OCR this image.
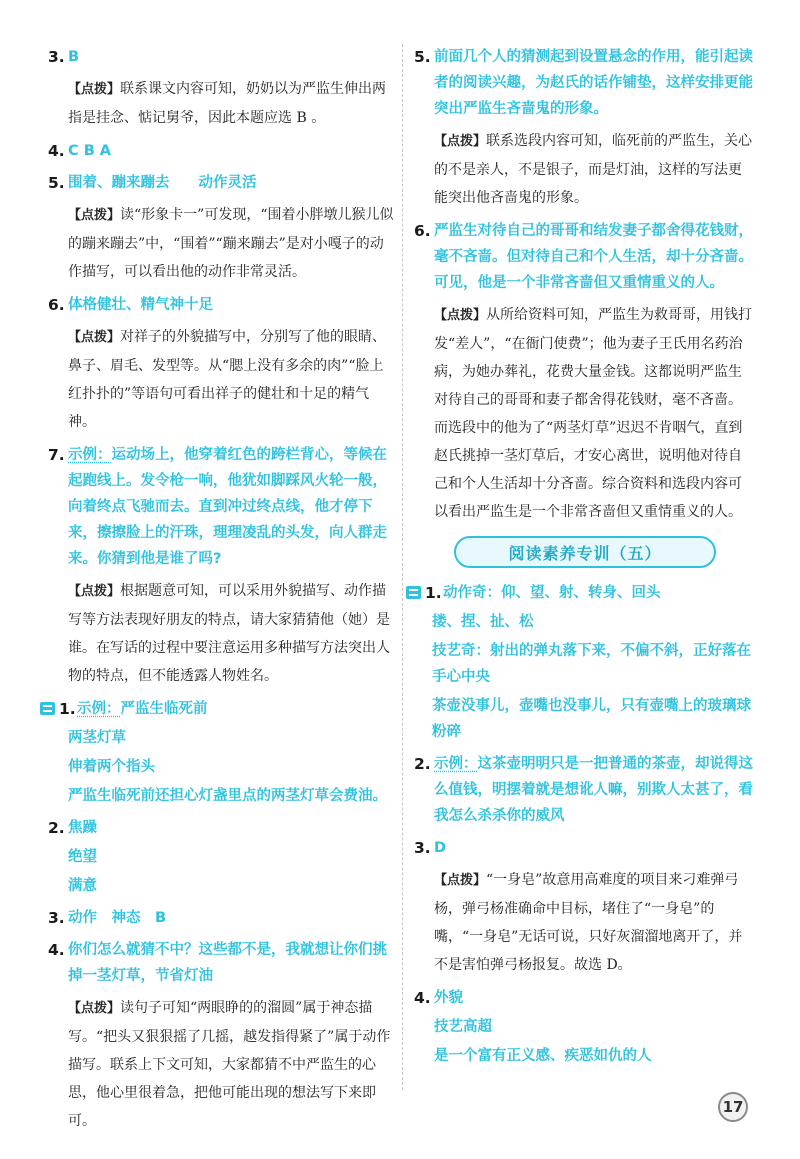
3. B
【点拨】联系课文内容可知，奶奶以为严监生伸出两指是挂念、惦记舅爷，因此本题应选 B 。
4. C B A
5. 围着、蹦来蹦去　　动作灵活
【点拨】读“形象卡一”可发现，“围着小胖墩儿猴儿似的蹦来蹦去”中，“围着”“蹦来蹦去”是对小嘎子的动作描写，可以看出他的动作非常灵活。
6. 体格健壮、精气神十足
【点拨】对祥子的外貌描写中，分别写了他的眼睛、鼻子、眉毛、发型等。从“腮上没有多余的肉”“脸上红扑扑的”等语句可看出祥子的健壮和十足的精气神。
7. 示例：运动场上，他穿着红色的跨栏背心，等候在起跑线上。发令枪一响，他犹如脚踩风火轮一般，向着终点飞驰而去。直到冲过终点线，他才停下来，擦擦脸上的汗珠，理理凌乱的头发，向人群走来。你猜到他是谁了吗?
【点拨】根据题意可知，可以采用外貌描写、动作描写等方法表现好朋友的特点，请大家猜猜他（她）是谁。在写话的过程中要注意运用多种描写方法突出人物的特点，但不能透露人物姓名。
1. 示例：严监生临死前
两茎灯草
伸着两个指头
严监生临死前还担心灯盏里点的两茎灯草会费油。
2. 焦躁
绝望
满意
3. 动作　神态　B
4. 你们怎么就猜不中？这些都不是，我就想让你们挑掉一茎灯草，节省灯油
【点拨】读句子可知“两眼睁的的溜圆”属于神态描写。“把头又狠狠摇了几摇，越发指得紧了”属于动作描写。联系上下文可知，大家都猜不中严监生的心思，他心里很着急，把他可能出现的想法写下来即可。
5. 前面几个人的猜测起到设置悬念的作用，能引起读者的阅读兴趣，为赵氏的话作铺垫，这样安排更能突出严监生吝啬鬼的形象。
【点拨】联系选段内容可知，临死前的严监生，关心的不是亲人，不是银子，而是灯油，这样的写法更能突出他吝啬鬼的形象。
6. 严监生对待自己的哥哥和结发妻子都舍得花钱财，毫不吝啬。但对待自己和个人生活，却十分吝啬。可见，他是一个非常吝啬但又重情重义的人。
【点拨】从所给资料可知，严监生为救哥哥，用钱打发“差人”，“在衙门使费”；他为妻子王氏用名药治病，为她办葬礼，花费大量金钱。这都说明严监生对待自己的哥哥和妻子都舍得花钱财，毫不吝啬。而选段中的他为了“两茎灯草”迟迟不肯咽气，直到赵氏挑掉一茎灯草后，才安心离世，说明他对待自己和个人生活却十分吝啬。综合资料和选段内容可以看出严监生是一个非常吝啬但又重情重义的人。
阅读素养专训（五）
1. 动作奇：仰、望、射、转身、回头
搂、捏、扯、松
技艺奇：射出的弹丸落下来，不偏不斜，正好落在手心中央
茶壶没事儿，壶嘴也没事儿，只有壶嘴上的玻璃球粉碎
2. 示例：这茶壶明明只是一把普通的茶壶，却说得这么值钱，明摆着就是想讹人嘛，别欺人太甚了，看我怎么杀杀你的威风
3. D
【点拨】“一身皂”故意用高难度的项目来刁难弹弓杨，弹弓杨准确命中目标，堵住了“一身皂”的嘴，“一身皂”无话可说，只好灰溜溜地离开了，并不是害怕弹弓杨报复。故选 D。
4. 外貌
技艺高超
是一个富有正义感、疾恶如仇的人
17
